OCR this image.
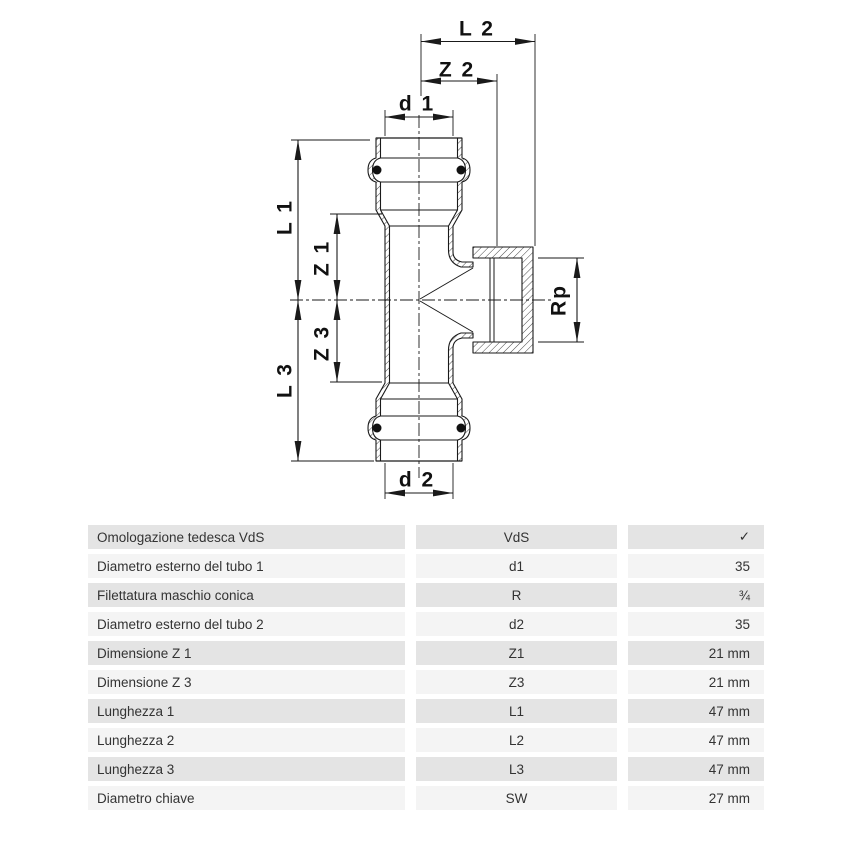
L 2
Z 2
d 1
L 1
Z 1
Z 3
L 3
Rp
d 2
Omologazione tedesca VdS	VdS	✓
Diametro esterno del tubo 1	d1	35
Filettatura maschio conica	R	¾
Diametro esterno del tubo 2	d2	35
Dimensione Z 1	Z1	21 mm
Dimensione Z 3	Z3	21 mm
Lunghezza 1	L1	47 mm
Lunghezza 2	L2	47 mm
Lunghezza 3	L3	47 mm
Diametro chiave	SW	27 mm
